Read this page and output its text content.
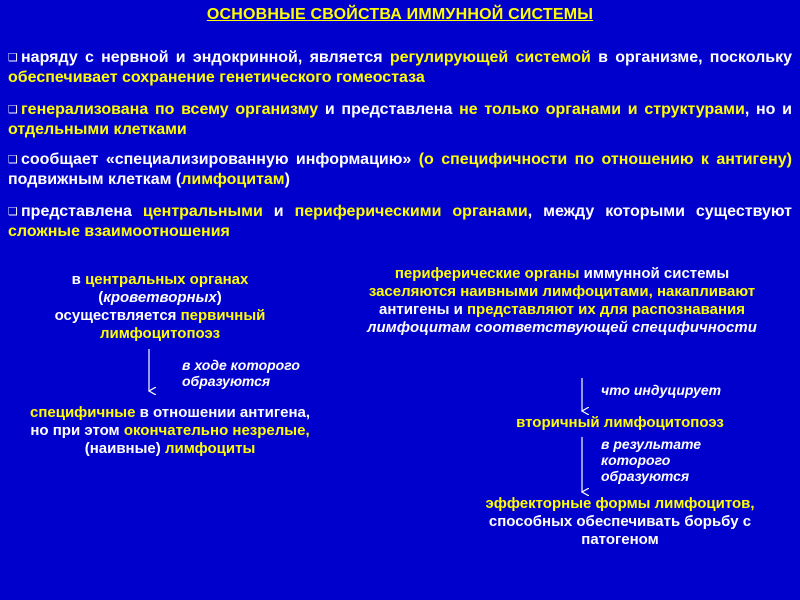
ОСНОВНЫЕ СВОЙСТВА ИММУННОЙ СИСТЕМЫ
❑ наряду с нервной и эндокринной, является регулирующей системой в организме, поскольку обеспечивает сохранение генетического гомеостаза
❑ генерализована по всему организму и представлена не только органами и структурами, но и отдельными клетками
❑ сообщает «специализированную информацию» (о специфичности по отношению к антигену) подвижным клеткам (лимфоцитам)
❑ представлена центральными и периферическими органами, между которыми существуют сложные взаимоотношения
в центральных органах
(кроветворных)
осуществляется первичный лимфоцитопоэз
в ходе которого образуются
специфичные в отношении антигена, но при этом окончательно незрелые, (наивные) лимфоциты
периферические органы иммунной системы заселяются наивными лимфоцитами, накапливают антигены и представляют их для распознавания
лимфоцитам соответствующей специфичности
что индуцирует
вторичный лимфоцитопоэз
в результате которого образуются
эффекторные формы лимфоцитов, способных обеспечивать борьбу с патогеном
